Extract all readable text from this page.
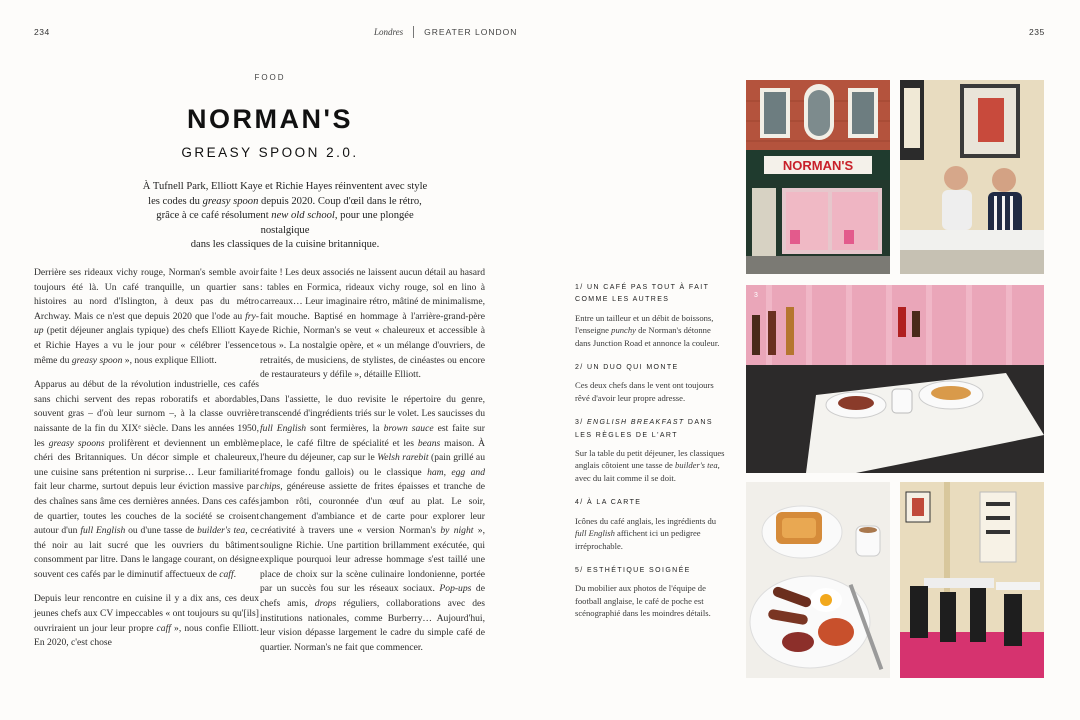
234	235
Londres GREATER LONDON
FOOD
NORMAN'S
GREASY SPOON 2.0.
À Tufnell Park, Elliott Kaye et Richie Hayes réinventent avec style
les codes du greasy spoon depuis 2020. Coup d'œil dans le rétro,
grâce à ce café résolument new old school, pour une plongée nostalgique
dans les classiques de la cuisine britannique.

Derrière ses rideaux vichy rouge, Norman's semble avoir toujours été là. Un café tranquille, un quartier sans histoires au nord d'Islington, à deux pas du métro Archway. Mais ce n'est que depuis 2020 que l'ode au fry-up (petit déjeuner anglais typique) des chefs Elliott Kaye et Richie Hayes a vu le jour pour « célébrer l'essence même du greasy spoon », nous explique Elliott.

Apparus au début de la révolution industrielle, ces cafés sans chichi servent des repas roboratifs et abordables, souvent gras – d'où leur surnom –, à la classe ouvrière naissante de la fin du XIXᵉ siècle. Dans les années 1950, les greasy spoons prolifèrent et deviennent un emblème chéri des Britanniques. Un décor simple et chaleureux, une cuisine sans prétention ni surprise… Leur familiarité fait leur charme, surtout depuis leur éviction massive par des chaînes sans âme ces dernières années. Dans ces cafés de quartier, toutes les couches de la société se croisent autour d'un full English ou d'une tasse de builder's tea, ce thé noir au lait sucré que les ouvriers du bâtiment consomment par litre. Dans le langage courant, on désigne souvent ces cafés par le diminutif affectueux de caff.

Depuis leur rencontre en cuisine il y a dix ans, ces deux jeunes chefs aux CV impeccables « ont toujours su qu'[ils] ouvriraient un jour leur propre caff », nous confie Elliott. En 2020, c'est chose

faite ! Les deux associés ne laissent aucun détail au hasard : tables en Formica, rideaux vichy rouge, sol en lino à carreaux… Leur imaginaire rétro, mâtiné de minimalisme, fait mouche. Baptisé en hommage à l'arrière-grand-père de Richie, Norman's se veut « chaleureux et accessible à tous ». La nostalgie opère, et « un mélange d'ouvriers, de retraités, de musiciens, de stylistes, de cinéastes ou encore de restaurateurs y défile », détaille Elliott.

Dans l'assiette, le duo revisite le répertoire du genre, transcendé d'ingrédients triés sur le volet. Les saucisses du full English sont fermières, la brown sauce est faite sur place, le café filtre de spécialité et les beans maison. À l'heure du déjeuner, cap sur le Welsh rarebit (pain grillé au fromage fondu gallois) ou le classique ham, egg and chips, généreuse assiette de frites épaisses et tranche de jambon rôti, couronnée d'un œuf au plat. Le soir, changement d'ambiance et de carte pour explorer leur créativité à travers une « version Norman's by night », souligne Richie. Une partition brillamment exécutée, qui explique pourquoi leur adresse hommage s'est taillé une place de choix sur la scène culinaire londonienne, portée par un succès fou sur les réseaux sociaux. Pop-ups de chefs amis, drops réguliers, collaborations avec des institutions nationales, comme Burberry… Aujourd'hui, leur vision dépasse largement le cadre du simple café de quartier. Norman's ne fait que commencer.

1/ UN CAFÉ PAS TOUT À FAIT COMME LES AUTRES

Entre un tailleur et un débit de boissons, l'enseigne punchy de Norman's détonne dans Junction Road et annonce la couleur.

2/ UN DUO QUI MONTE

Ces deux chefs dans le vent ont toujours rêvé d'avoir leur propre adresse.

3/ ENGLISH BREAKFAST DANS LES RÈGLES DE L'ART

Sur la table du petit déjeuner, les classiques anglais côtoient une tasse de builder's tea, avec du lait comme il se doit.

4/ À LA CARTE

Icônes du café anglais, les ingrédients du full English affichent ici un pedigree irréprochable.

5/ ESTHÉTIQUE SOIGNÉE

Du mobilier aux photos de l'équipe de football anglaise, le café de poche est scénographié dans les moindres détails.

NORMAN'S
3
